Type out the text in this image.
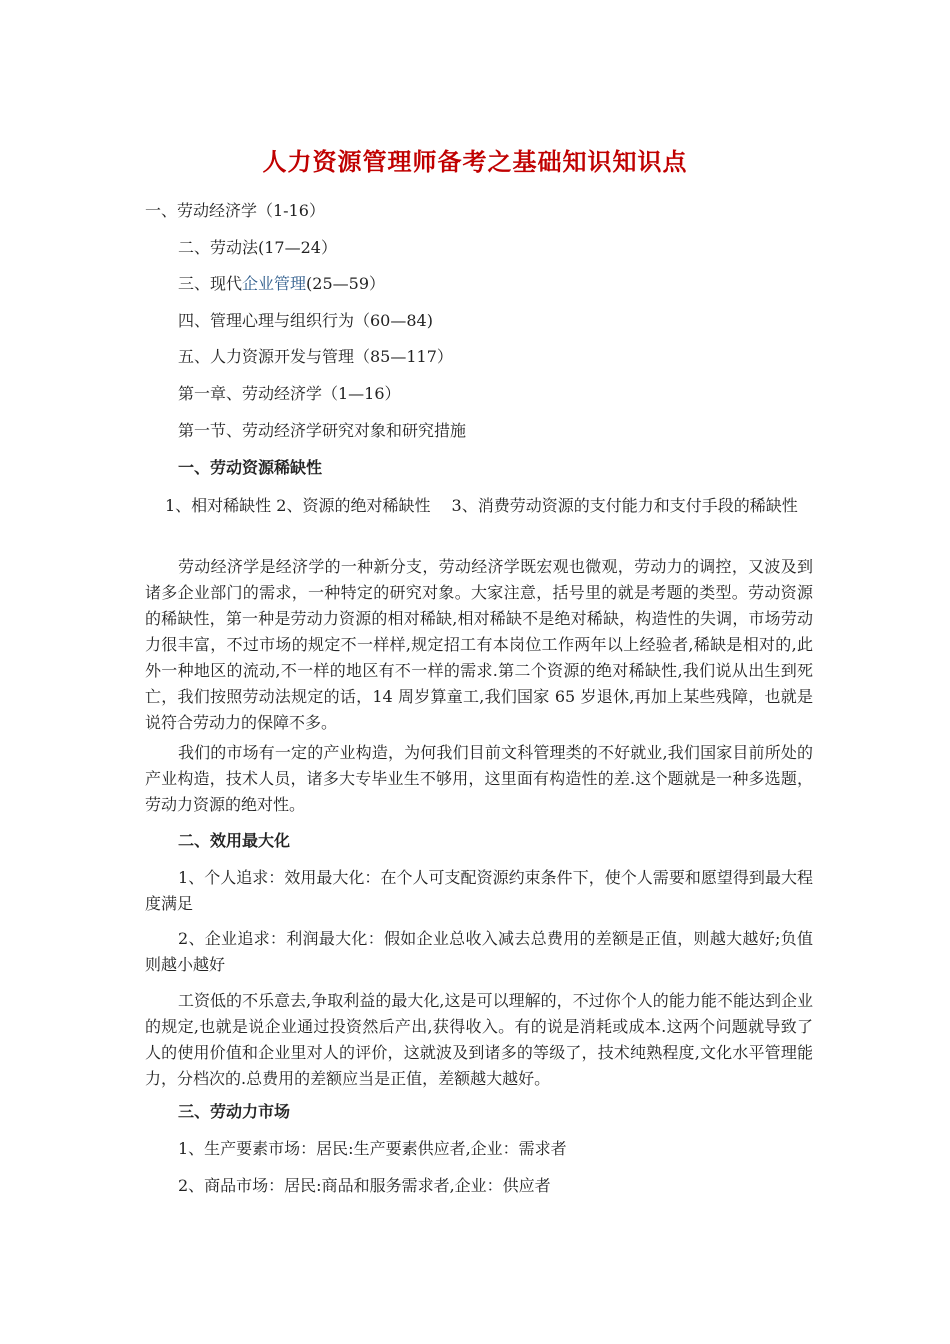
人力资源管理师备考之基础知识知识点
一、劳动经济学（1-16）
二、劳动法(17—24）
三、现代企业管理(25—59）
四、管理心理与组织行为（60—84)
五、人力资源开发与管理（85—117）
第一章、劳动经济学（1—16）
第一节、劳动经济学研究对象和研究措施
一、劳动资源稀缺性
1、相对稀缺性 2、资源的绝对稀缺性　 3、消费劳动资源的支付能力和支付手段的稀缺性
劳动经济学是经济学的一种新分支，劳动经济学既宏观也微观，劳动力的调控，又波及到诸多企业部门的需求，一种特定的研究对象。大家注意，括号里的就是考题的类型。劳动资源的稀缺性，第一种是劳动力资源的相对稀缺,相对稀缺不是绝对稀缺，构造性的失调，市场劳动力很丰富，不过市场的规定不一样样,规定招工有本岗位工作两年以上经验者,稀缺是相对的,此外一种地区的流动,不一样的地区有不一样的需求.第二个资源的绝对稀缺性,我们说从出生到死亡，我们按照劳动法规定的话，14 周岁算童工,我们国家 65 岁退休,再加上某些残障，也就是说符合劳动力的保障不多。
我们的市场有一定的产业构造，为何我们目前文科管理类的不好就业,我们国家目前所处的产业构造，技术人员，诸多大专毕业生不够用，这里面有构造性的差.这个题就是一种多选题，劳动力资源的绝对性。
二、效用最大化
1、个人追求：效用最大化：在个人可支配资源约束条件下，使个人需要和愿望得到最大程度满足
2、企业追求：利润最大化：假如企业总收入减去总费用的差额是正值，则越大越好;负值则越小越好
工资低的不乐意去,争取利益的最大化,这是可以理解的，不过你个人的能力能不能达到企业的规定,也就是说企业通过投资然后产出,获得收入。有的说是消耗或成本.这两个问题就导致了人的使用价值和企业里对人的评价，这就波及到诸多的等级了，技术纯熟程度,文化水平管理能力，分档次的.总费用的差额应当是正值，差额越大越好。
三、劳动力市场
1、生产要素市场：居民:生产要素供应者,企业：需求者
2、商品市场：居民:商品和服务需求者,企业：供应者
